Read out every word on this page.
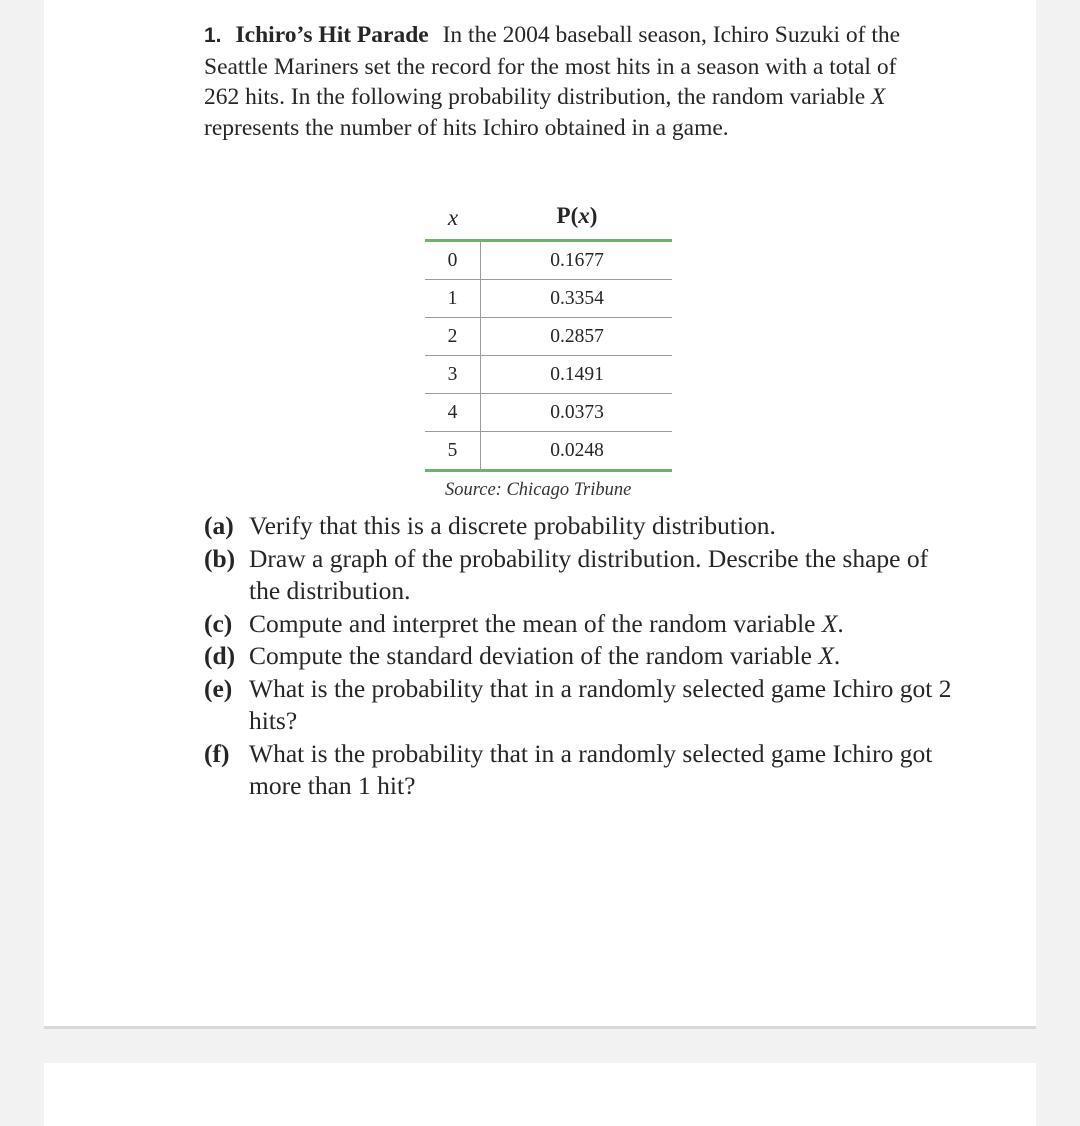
1. Ichiro’s Hit Parade In the 2004 baseball season, Ichiro Suzuki of the Seattle Mariners set the record for the most hits in a season with a total of 262 hits. In the following probability distribution, the random variable X represents the number of hits Ichiro obtained in a game.
x	P(x)
0	0.1677
1	0.3354
2	0.2857
3	0.1491
4	0.0373
5	0.0248
Source: Chicago Tribune
(a) Verify that this is a discrete probability distribution.
(b) Draw a graph of the probability distribution. Describe the shape of the distribution.
(c) Compute and interpret the mean of the random variable X.
(d) Compute the standard deviation of the random variable X.
(e) What is the probability that in a randomly selected game Ichiro got 2 hits?
(f) What is the probability that in a randomly selected game Ichiro got more than 1 hit?
